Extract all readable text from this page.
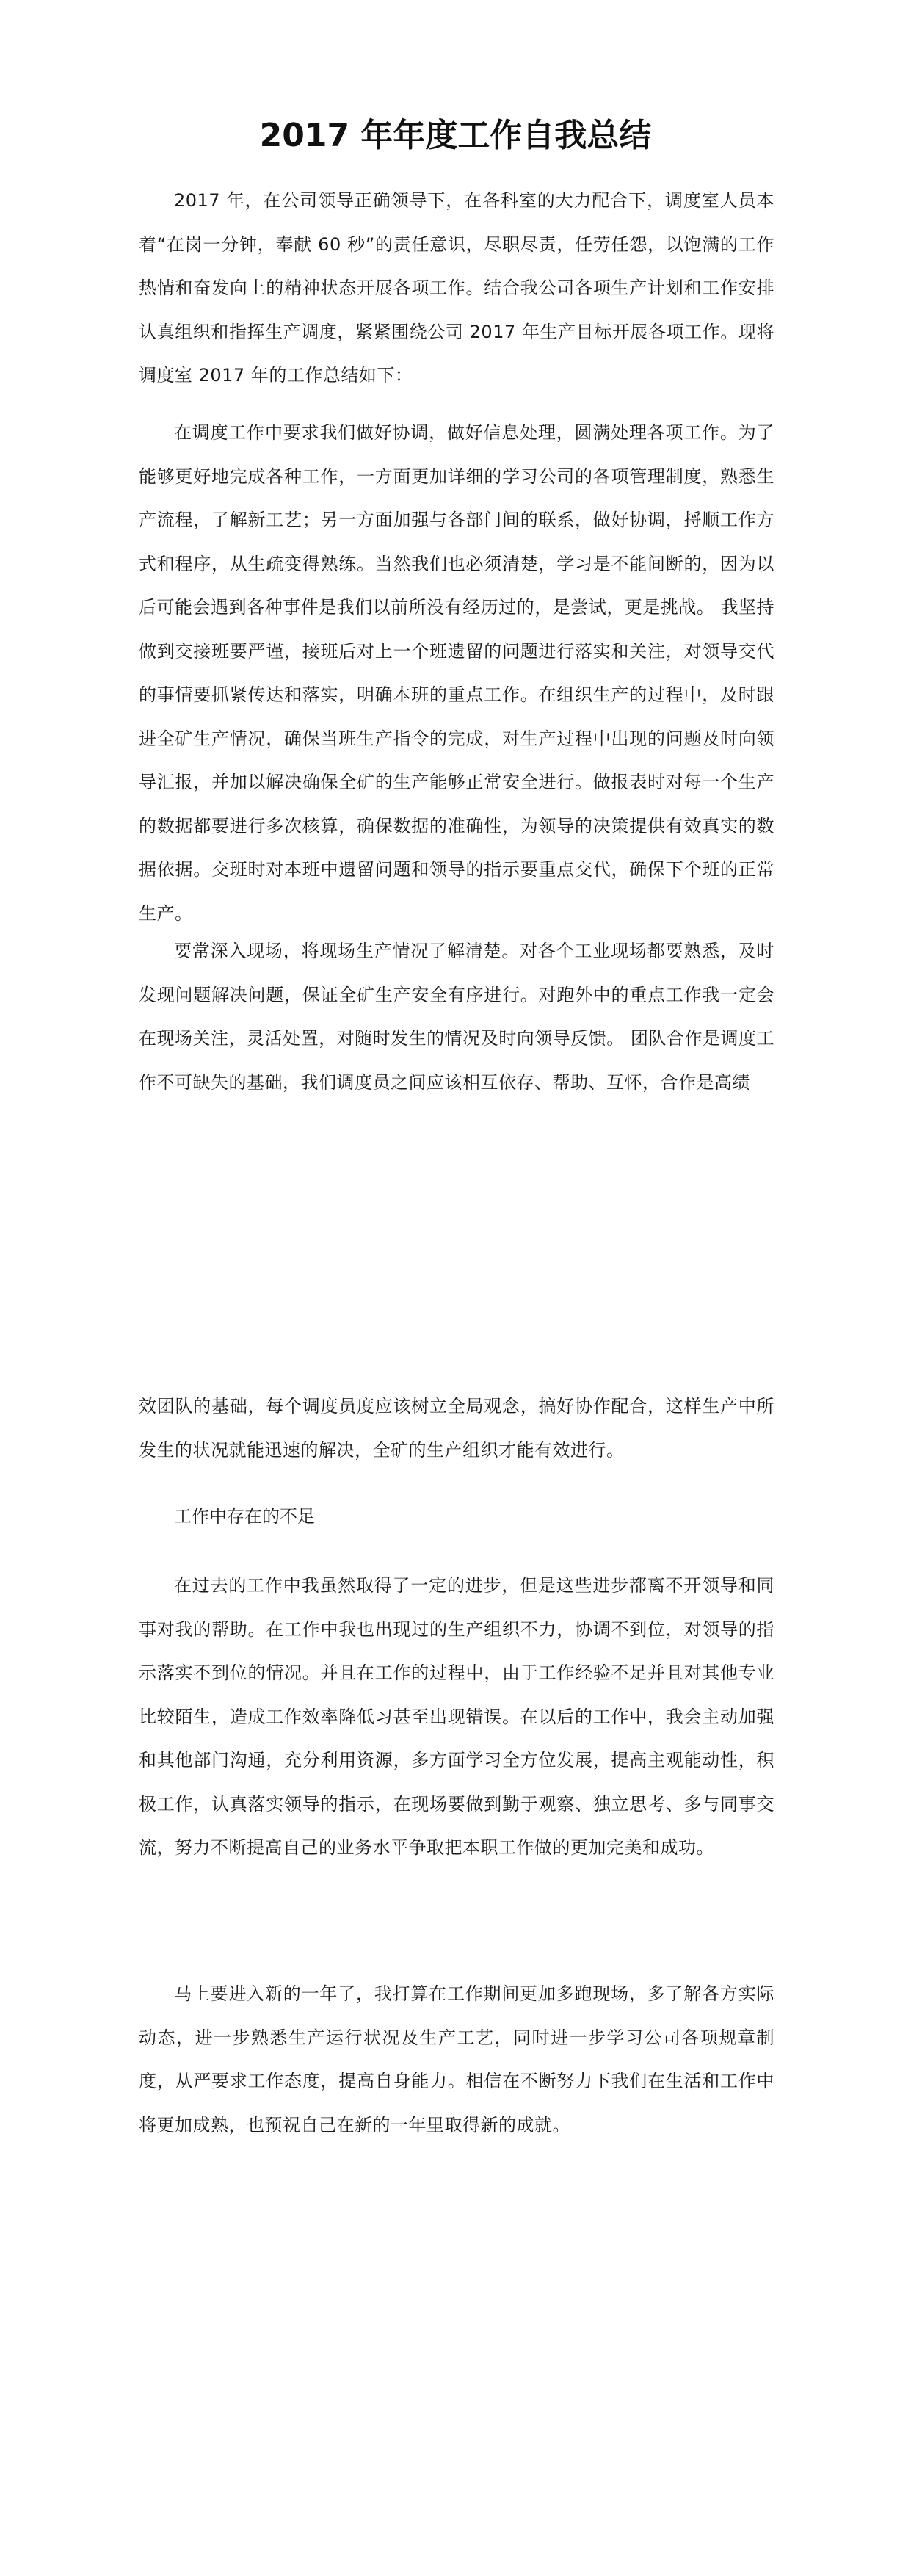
2017 年年度工作自我总结

2017 年，在公司领导正确领导下，在各科室的大力配合下，调度室人员本着“在岗一分钟，奉献 60 秒”的责任意识，尽职尽责，任劳任怨，以饱满的工作热情和奋发向上的精神状态开展各项工作。结合我公司各项生产计划和工作安排认真组织和指挥生产调度，紧紧围绕公司 2017 年生产目标开展各项工作。现将调度室 2017 年的工作总结如下：

在调度工作中要求我们做好协调，做好信息处理，圆满处理各项工作。为了能够更好地完成各种工作，一方面更加详细的学习公司的各项管理制度，熟悉生产流程，了解新工艺；另一方面加强与各部门间的联系，做好协调，捋顺工作方式和程序，从生疏变得熟练。当然我们也必须清楚，学习是不能间断的，因为以后可能会遇到各种事件是我们以前所没有经历过的，是尝试，更是挑战。 我坚持做到交接班要严谨，接班后对上一个班遗留的问题进行落实和关注，对领导交代的事情要抓紧传达和落实，明确本班的重点工作。在组织生产的过程中，及时跟进全矿生产情况，确保当班生产指令的完成，对生产过程中出现的问题及时向领导汇报，并加以解决确保全矿的生产能够正常安全进行。做报表时对每一个生产的数据都要进行多次核算，确保数据的准确性，为领导的决策提供有效真实的数据依据。交班时对本班中遗留问题和领导的指示要重点交代，确保下个班的正常生产。

要常深入现场，将现场生产情况了解清楚。对各个工业现场都要熟悉，及时发现问题解决问题，保证全矿生产安全有序进行。对跑外中的重点工作我一定会在现场关注，灵活处置，对随时发生的情况及时向领导反馈。 团队合作是调度工作不可缺失的基础，我们调度员之间应该相互依存、帮助、互怀，合作是高绩

效团队的基础，每个调度员度应该树立全局观念，搞好协作配合，这样生产中所发生的状况就能迅速的解决，全矿的生产组织才能有效进行。

工作中存在的不足

在过去的工作中我虽然取得了一定的进步，但是这些进步都离不开领导和同事对我的帮助。在工作中我也出现过的生产组织不力，协调不到位，对领导的指示落实不到位的情况。并且在工作的过程中，由于工作经验不足并且对其他专业比较陌生，造成工作效率降低习甚至出现错误。在以后的工作中，我会主动加强和其他部门沟通，充分利用资源，多方面学习全方位发展，提高主观能动性，积极工作，认真落实领导的指示，在现场要做到勤于观察、独立思考、多与同事交流，努力不断提高自己的业务水平争取把本职工作做的更加完美和成功。

马上要进入新的一年了，我打算在工作期间更加多跑现场，多了解各方实际动态，进一步熟悉生产运行状况及生产工艺，同时进一步学习公司各项规章制度，从严要求工作态度，提高自身能力。相信在不断努力下我们在生活和工作中将更加成熟，也预祝自己在新的一年里取得新的成就。
